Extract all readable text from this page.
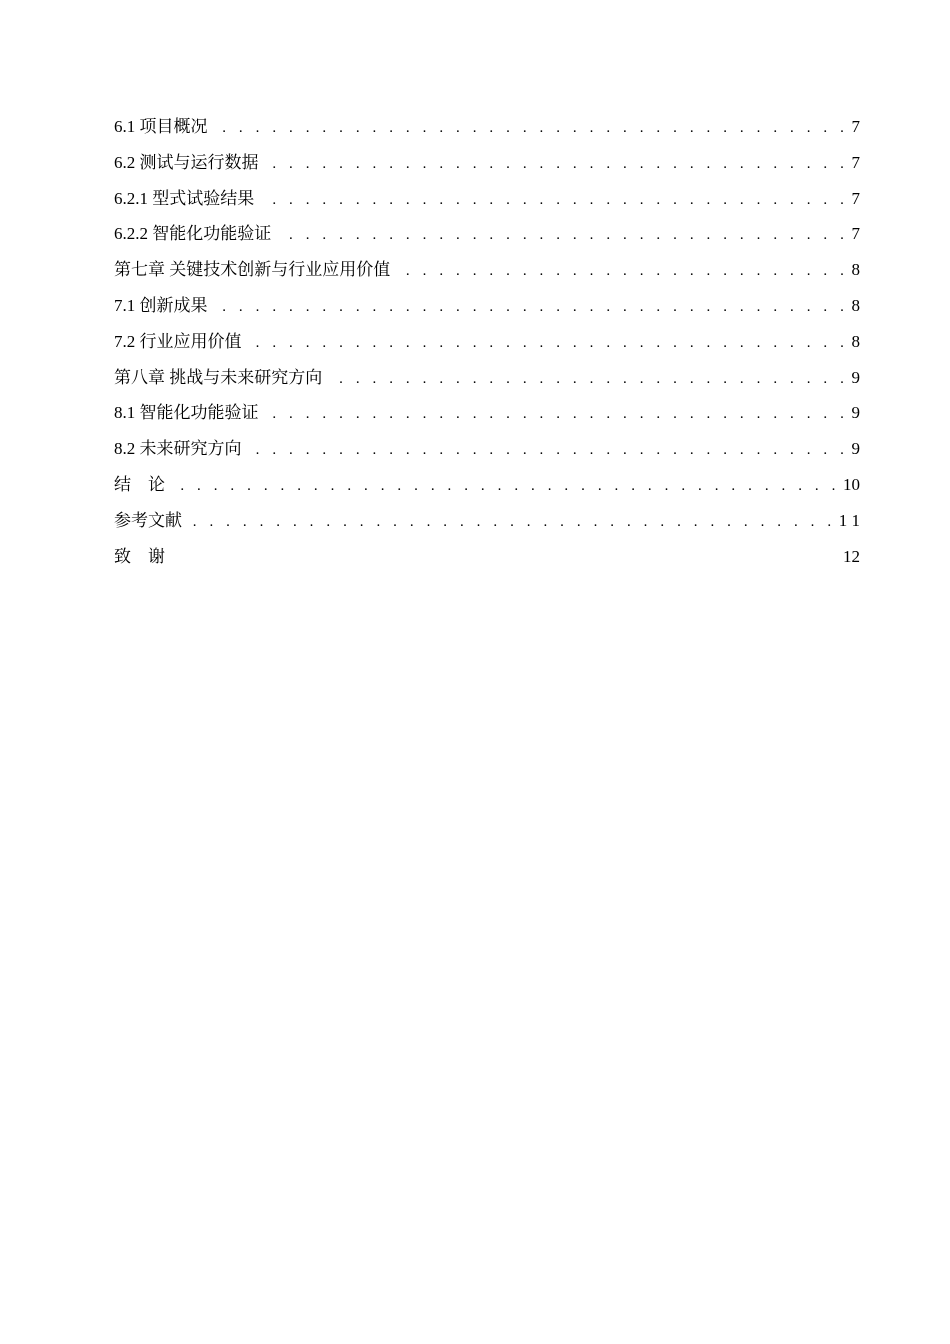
6.1 项目概况 . . .	7
6.2 测试与运行数据 . . .	7
6.2.1 型式试验结果 . . .	7
6.2.2 智能化功能验证 . . .	7
第七章 关键技术创新与行业应用价值 . . .	8
7.1 创新成果 . . .	8
7.2 行业应用价值 . . .	8
第八章 挑战与未来研究方向 . . .	9
8.1 智能化功能验证 . . .	9
8.2 未来研究方向 . . .	9
结    论 . . .	10
参考文献 . . .	1 1
致    谢	12
